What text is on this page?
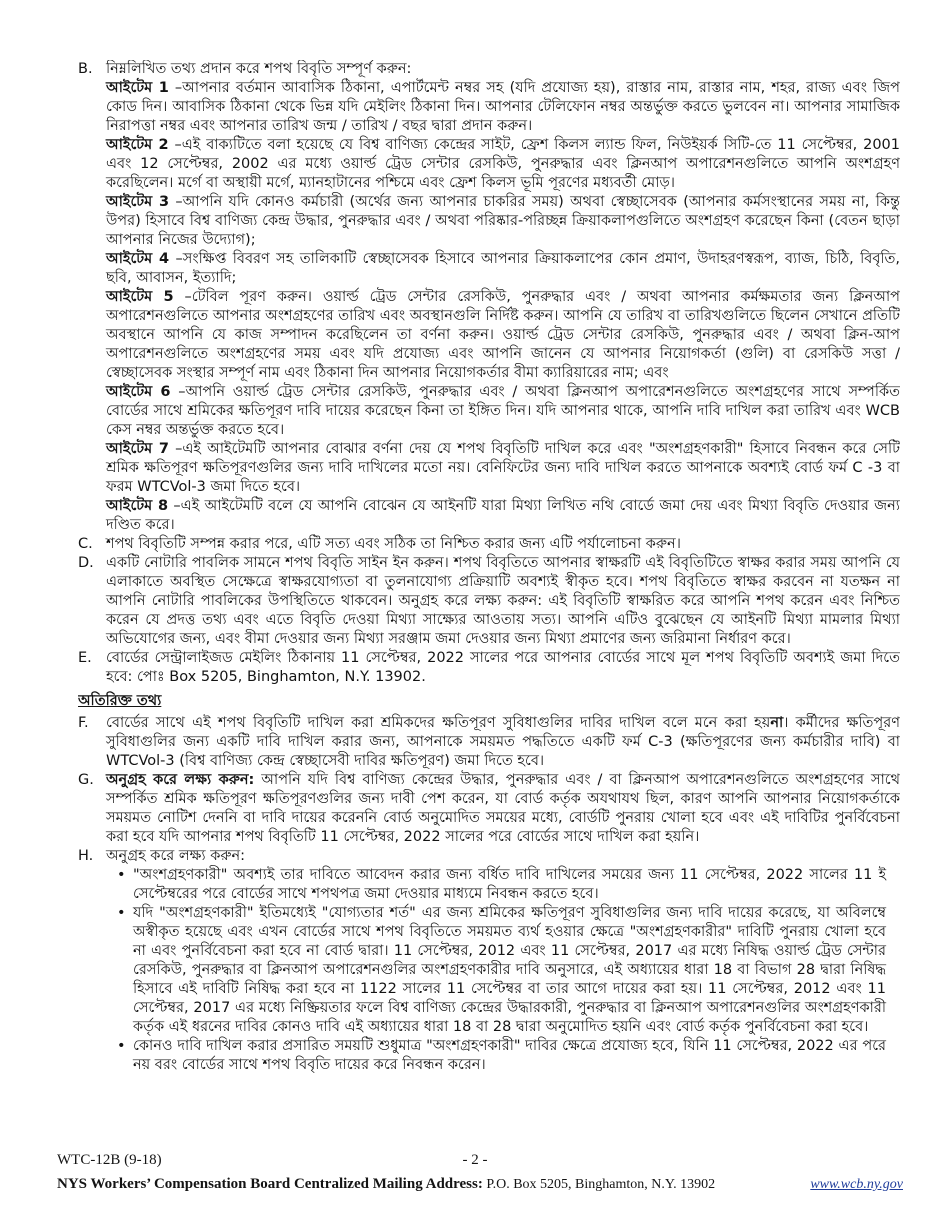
B. নিম্নলিখিত তথ্য প্রদান করে শপথ বিবৃতি সম্পূর্ণ করুন:

আইটেম 1 –আপনার বর্তমান আবাসিক ঠিকানা, এপার্টমেন্ট নম্বর সহ (যদি প্রযোজ্য হয়), রাস্তার নাম, রাস্তার নাম, শহর, রাজ্য এবং জিপ কোড দিন। আবাসিক ঠিকানা থেকে ভিন্ন যদি মেইলিং ঠিকানা দিন। আপনার টেলিফোন নম্বর অন্তর্ভুক্ত করতে ভুলবেন না। আপনার সামাজিক নিরাপত্তা নম্বর এবং আপনার তারিখ জন্ম / তারিখ / বছর দ্বারা প্রদান করুন।

আইটেম 2 –এই বাক্যটিতে বলা হয়েছে যে বিশ্ব বাণিজ্য কেন্দ্রের সাইট, ফ্রেশ কিলস ল্যান্ড ফিল, নিউইয়র্ক সিটি-তে 11 সেপ্টেম্বর, 2001 এবং 12 সেপ্টেম্বর, 2002 এর মধ্যে ওয়ার্ল্ড ট্রেড সেন্টার রেসকিউ, পুনরুদ্ধার এবং ক্লিনআপ অপারেশনগুলিতে আপনি অংশগ্রহণ করেছিলেন। মর্গে বা অস্থায়ী মর্গে, ম্যানহাটানের পশ্চিমে এবং ফ্রেশ কিলস ভূমি পূরণের মধ্যবর্তী মোড়।

আইটেম 3 –আপনি যদি কোনও কর্মচারী (অর্থের জন্য আপনার চাকরির সময়) অথবা স্বেচ্ছাসেবক (আপনার কর্মসংস্থানের সময় না, কিন্তু উপর) হিসাবে বিশ্ব বাণিজ্য কেন্দ্র উদ্ধার, পুনরুদ্ধার এবং / অথবা পরিষ্কার-পরিচ্ছন্ন ক্রিয়াকলাপগুলিতে অংশগ্রহণ করেছেন কিনা (বেতন ছাড়া আপনার নিজের উদ্যোগ);

আইটেম 4 –সংক্ষিপ্ত বিবরণ সহ তালিকাটি স্বেচ্ছাসেবক হিসাবে আপনার ক্রিয়াকলাপের কোন প্রমাণ, উদাহরণস্বরূপ, ব্যাজ, চিঠি, বিবৃতি, ছবি, আবাসন, ইত্যাদি;

আইটেম 5 –টেবিল পূরণ করুন। ওয়ার্ল্ড ট্রেড সেন্টার রেসকিউ, পুনরুদ্ধার এবং / অথবা আপনার কর্মক্ষমতার জন্য ক্লিনআপ অপারেশনগুলিতে আপনার অংশগ্রহণের তারিখ এবং অবস্থানগুলি নির্দিষ্ট করুন। আপনি যে তারিখ বা তারিখগুলিতে ছিলেন সেখানে প্রতিটি অবস্থানে আপনি যে কাজ সম্পাদন করেছিলেন তা বর্ণনা করুন। ওয়ার্ল্ড ট্রেড সেন্টার রেসকিউ, পুনরুদ্ধার এবং / অথবা ক্লিন-আপ অপারেশনগুলিতে অংশগ্রহণের সময় এবং যদি প্রযোজ্য এবং আপনি জানেন যে আপনার নিয়োগকর্তা (গুলি) বা রেসকিউ সত্তা / স্বেচ্ছাসেবক সংস্থার সম্পূর্ণ নাম এবং ঠিকানা দিন আপনার নিয়োগকর্তার বীমা ক্যারিয়ারের নাম; এবং

আইটেম 6 –আপনি ওয়ার্ল্ড ট্রেড সেন্টার রেসকিউ, পুনরুদ্ধার এবং / অথবা ক্লিনআপ অপারেশনগুলিতে অংশগ্রহণের সাথে সম্পর্কিত বোর্ডের সাথে শ্রমিকের ক্ষতিপূরণ দাবি দায়ের করেছেন কিনা তা ইঙ্গিত দিন। যদি আপনার থাকে, আপনি দাবি দাখিল করা তারিখ এবং WCB কেস নম্বর অন্তর্ভুক্ত করতে হবে।

আইটেম 7 –এই আইটেমটি আপনার বোঝার বর্ণনা দেয় যে শপথ বিবৃতিটি দাখিল করে এবং "অংশগ্রহণকারী" হিসাবে নিবন্ধন করে সেটি শ্রমিক ক্ষতিপূরণ ক্ষতিপূরণগুলির জন্য দাবি দাখিলের মতো নয়। বেনিফিটের জন্য দাবি দাখিল করতে আপনাকে অবশ্যই বোর্ড ফর্ম C -3 বা ফরম WTCVol-3 জমা দিতে হবে।

আইটেম 8 –এই আইটেমটি বলে যে আপনি বোঝেন যে আইনটি যারা মিথ্যা লিখিত নথি বোর্ডে জমা দেয় এবং মিথ্যা বিবৃতি দেওয়ার জন্য দণ্ডিত করে।

C. শপথ বিবৃতিটি সম্পন্ন করার পরে, এটি সত্য এবং সঠিক তা নিশ্চিত করার জন্য এটি পর্যালোচনা করুন।
D. একটি নোটারি পাবলিক সামনে শপথ বিবৃতি সাইন ইন করুন। শপথ বিবৃতিতে আপনার স্বাক্ষরটি এই বিবৃতিটিতে স্বাক্ষর করার সময় আপনি যে এলাকাতে অবস্থিত সেক্ষেত্রে স্বাক্ষরযোগ্যতা বা তুলনাযোগ্য প্রক্রিয়াটি অবশ্যই স্বীকৃত হবে। শপথ বিবৃতিতে স্বাক্ষর করবেন না যতক্ষন না আপনি নোটারি পাবলিকের উপস্থিতিতে থাকবেন। অনুগ্রহ করে লক্ষ্য করুন: এই বিবৃতিটি স্বাক্ষরিত করে আপনি শপথ করেন এবং নিশ্চিত করেন যে প্রদত্ত তথ্য এবং এতে বিবৃতি দেওয়া মিথ্যা সাক্ষ্যের আওতায় সত্য। আপনি এটিও বুঝেছেন যে আইনটি মিথ্যা মামলার মিথ্যা অভিযোগের জন্য, এবং বীমা দেওয়ার জন্য মিথ্যা সরঞ্জাম জমা দেওয়ার জন্য মিথ্যা প্রমাণের জন্য জরিমানা নির্ধারণ করে।
E. বোর্ডের সেন্ট্রালাইজড মেইলিং ঠিকানায় 11 সেপ্টেম্বর, 2022 সালের পরে আপনার বোর্ডের সাথে মূল শপথ বিবৃতিটি অবশ্যই জমা দিতে হবে: পোঃ Box 5205, Binghamton, N.Y. 13902.
অতিরিক্ত তথ্য
F.	বোর্ডের সাথে এই শপথ বিবৃতিটি দাখিল করা শ্রমিকদের ক্ষতিপূরণ সুবিধাগুলির দাবির দাখিল বলে মনে করা হয়না। কর্মীদের ক্ষতিপূরণ সুবিধাগুলির জন্য একটি দাবি দাখিল করার জন্য, আপনাকে সময়মত পদ্ধতিতে একটি ফর্ম C-3 (ক্ষতিপূরণের জন্য কর্মচারীর দাবি) বা WTCVol-3 (বিশ্ব বাণিজ্য কেন্দ্র স্বেচ্ছাসেবী দাবির ক্ষতিপূরণ) জমা দিতে হবে।
G. অনুগ্রহ করে লক্ষ্য করুন: আপনি যদি বিশ্ব বাণিজ্য কেন্দ্রের উদ্ধার, পুনরুদ্ধার এবং / বা ক্লিনআপ অপারেশনগুলিতে অংশগ্রহণের সাথে সম্পর্কিত শ্রমিক ক্ষতিপূরণ ক্ষতিপূরণগুলির জন্য দাবী পেশ করেন, যা বোর্ড কর্তৃক অযথাযথ ছিল, কারণ আপনি আপনার নিয়োগকর্তাকে সময়মত নোটিশ দেননি বা দাবি দায়ের করেননি বোর্ড অনুমোদিত সময়ের মধ্যে, বোর্ডটি পুনরায় খোলা হবে এবং এই দাবিটির পুনর্বিবেচনা করা হবে যদি আপনার শপথ বিবৃতিটি 11 সেপ্টেম্বর, 2022 সালের পরে বোর্ডের সাথে দাখিল করা হয়নি।
H. অনুগ্রহ করে লক্ষ্য করুন:
• "অংশগ্রহণকারী" অবশ্যই তার দাবিতে আবেদন করার জন্য বর্ধিত দাবি দাখিলের সময়ের জন্য 11 সেপ্টেম্বর, 2022 সালের 11 ই সেপ্টেম্বরের পরে বোর্ডের সাথে শপথপত্র জমা দেওয়ার মাধ্যমে নিবন্ধন করতে হবে।
• যদি "অংশগ্রহণকারী" ইতিমধ্যেই "যোগ্যতার শর্ত" এর জন্য শ্রমিকের ক্ষতিপূরণ সুবিধাগুলির জন্য দাবি দায়ের করেছে, যা অবিলম্বে অস্বীকৃত হয়েছে এবং এখন বোর্ডের সাথে শপথ বিবৃতিতে সময়মত ব্যর্থ হওয়ার ক্ষেত্রে "অংশগ্রহণকারীর" দাবিটি পুনরায় খোলা হবে না এবং পুনর্বিবেচনা করা হবে না বোর্ড দ্বারা। 11 সেপ্টেম্বর, 2012 এবং 11 সেপ্টেম্বর, 2017 এর মধ্যে নিষিদ্ধ ওয়ার্ল্ড ট্রেড সেন্টার রেসকিউ, পুনরুদ্ধার বা ক্লিনআপ অপারেশনগুলির অংশগ্রহণকারীর দাবি অনুসারে, এই অধ্যায়ের ধারা 18 বা বিভাগ 28 দ্বারা নিষিদ্ধ হিসাবে এই দাবিটি নিষিদ্ধ করা হবে না 1122 সালের 11 সেপ্টেম্বর বা তার আগে দায়ের করা হয়। 11 সেপ্টেম্বর, 2012 এবং 11 সেপ্টেম্বর, 2017 এর মধ্যে নিষ্ক্রিয়তার ফলে বিশ্ব বাণিজ্য কেন্দ্রের উদ্ধারকারী, পুনরুদ্ধার বা ক্লিনআপ অপারেশনগুলির অংশগ্রহণকারী কর্তৃক এই ধরনের দাবির কোনও দাবি এই অধ্যায়ের ধারা 18 বা 28 দ্বারা অনুমোদিত হয়নি এবং বোর্ড কর্তৃক পুনর্বিবেচনা করা হবে।
• কোনও দাবি দাখিল করার প্রসারিত সময়টি শুধুমাত্র "অংশগ্রহণকারী" দাবির ক্ষেত্রে প্রযোজ্য হবে, যিনি 11 সেপ্টেম্বর, 2022 এর পরে নয় বরং বোর্ডের সাথে শপথ বিবৃতি দায়ের করে নিবন্ধন করেন।
WTC-12B (9-18)	- 2 -
NYS Workers’ Compensation Board Centralized Mailing Address: P.O. Box 5205, Binghamton, N.Y. 13902	www.wcb.ny.gov
